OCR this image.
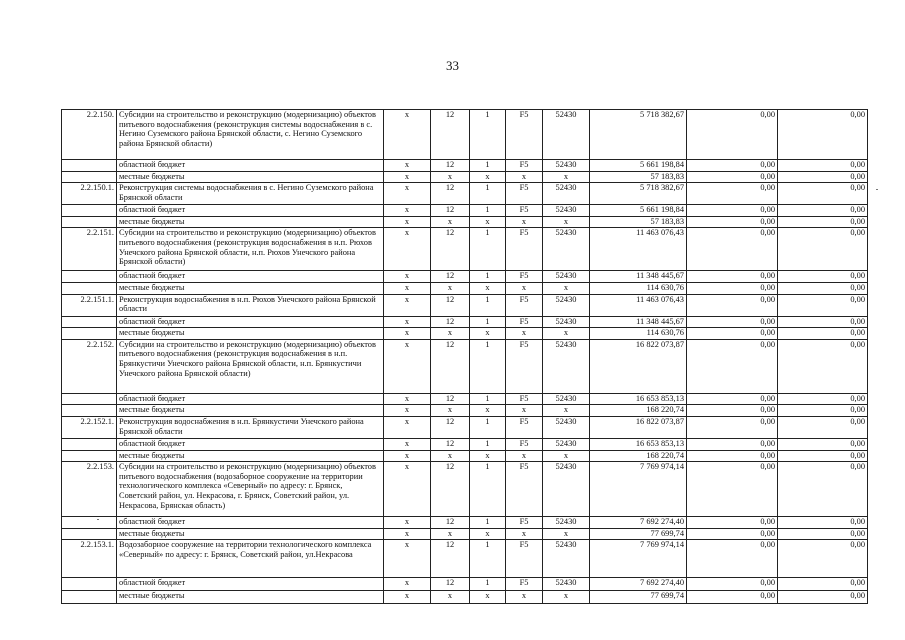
33
2.2.150.	Субсидии на строительство и реконструкцию (модернизацию) объектов питьевого водоснабжения (реконструкция системы водоснабжения в с. Негино Суземского района Брянской области, с. Негино Суземского района Брянской области)	х	12	1	F5	52430	5 718 382,67	0,00	0,00
	областной бюджет	х	12	1	F5	52430	5 661 198,84	0,00	0,00
	местные бюджеты	х	х	х	х	х	57 183,83	0,00	0,00
2.2.150.1.	Реконструкция системы водоснабжения в с. Негино Суземского района Брянской области	х	12	1	F5	52430	5 718 382,67	0,00	0,00
	областной бюджет	х	12	1	F5	52430	5 661 198,84	0,00	0,00
	местные бюджеты	х	х	х	х	х	57 183,83	0,00	0,00
2.2.151.	Субсидии на строительство и реконструкцию (модернизацию) объектов питьевого водоснабжения (реконструкция водоснабжения в н.п. Рюхов Унечского района Брянской области, н.п. Рюхов Унечского района Брянской области)	х	12	1	F5	52430	11 463 076,43	0,00	0,00
	областной бюджет	х	12	1	F5	52430	11 348 445,67	0,00	0,00
	местные бюджеты	х	х	х	х	х	114 630,76	0,00	0,00
2.2.151.1.	Реконструкция водоснабжения в н.п. Рюхов Унечского района Брянской области	х	12	1	F5	52430	11 463 076,43	0,00	0,00
	областной бюджет	х	12	1	F5	52430	11 348 445,67	0,00	0,00
	местные бюджеты	х	х	х	х	х	114 630,76	0,00	0,00
2.2.152.	Субсидии на строительство и реконструкцию (модернизацию) объектов питьевого водоснабжения (реконструкция водоснабжения в н.п. Брянкустичи Унечского района Брянской области, н.п. Брянкустичи Унечского района Брянской области)	х	12	1	F5	52430	16 822 073,87	0,00	0,00
	областной бюджет	х	12	1	F5	52430	16 653 853,13	0,00	0,00
	местные бюджеты	х	х	х	х	х	168 220,74	0,00	0,00
2.2.152.1.	Реконструкция водоснабжения в н.п. Брянкустичи Унечского района Брянской области	х	12	1	F5	52430	16 822 073,87	0,00	0,00
	областной бюджет	х	12	1	F5	52430	16 653 853,13	0,00	0,00
	местные бюджеты	х	х	х	х	х	168 220,74	0,00	0,00
2.2.153.	Субсидии на строительство и реконструкцию (модернизацию) объектов питьевого водоснабжения (водозаборное сооружение на территории технологического комплекса «Северный» по адресу: г. Брянск, Советский район, ул. Некрасова, г. Брянск, Советский район, ул. Некрасова, Брянская область)	х	12	1	F5	52430	7 769 974,14	0,00	0,00
	областной бюджет	х	12	1	F5	52430	7 692 274,40	0,00	0,00
	местные бюджеты	х	х	х	х	х	77 699,74	0,00	0,00
2.2.153.1.	Водозаборное сооружение на территории технологического комплекса «Северный» по адресу: г. Брянск, Советский район, ул.Некрасова	х	12	1	F5	52430	7 769 974,14	0,00	0,00
	областной бюджет	х	12	1	F5	52430	7 692 274,40	0,00	0,00
	местные бюджеты	х	х	х	х	х	77 699,74	0,00	0,00
